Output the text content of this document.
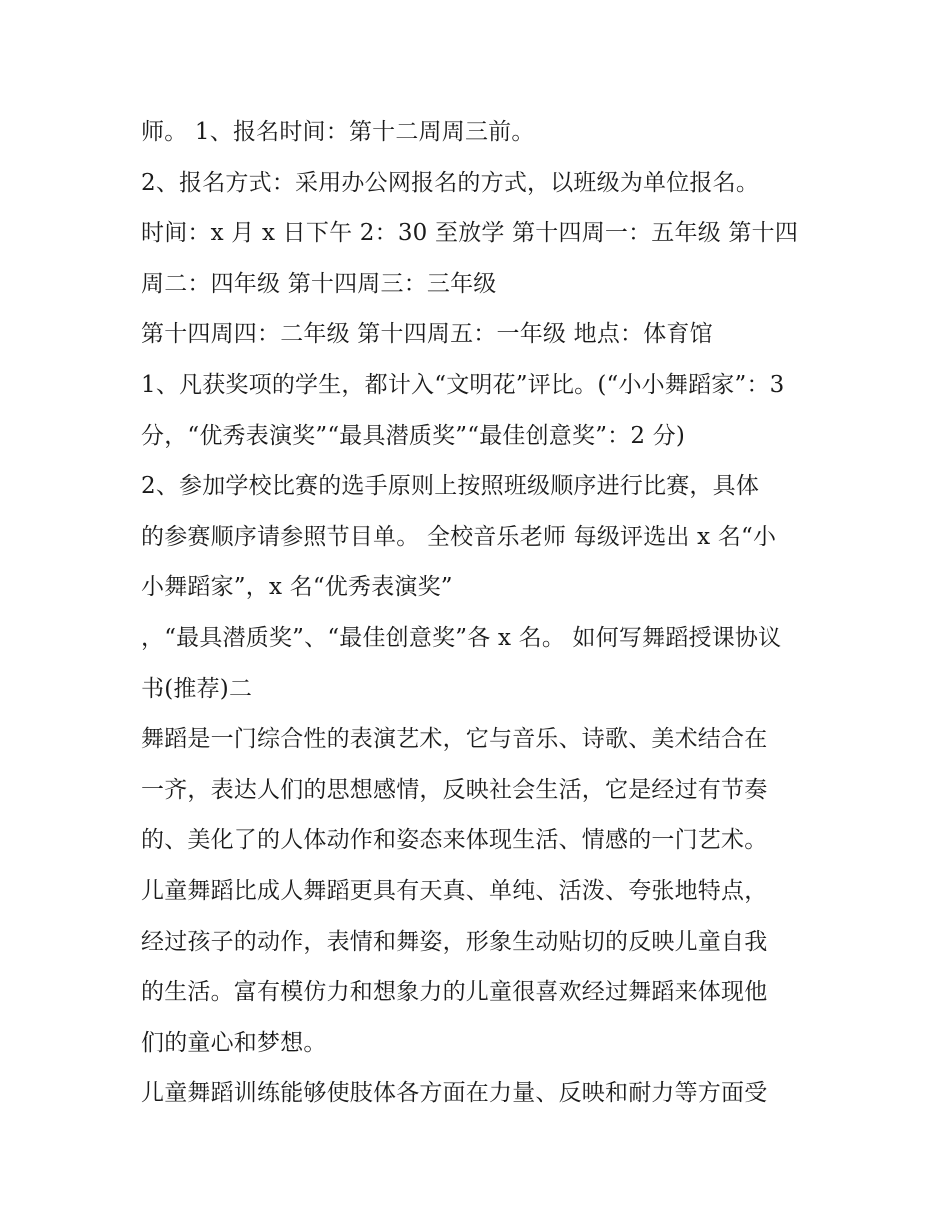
师。 1、报名时间：第十二周周三前。

2、报名方式：采用办公网报名的方式，以班级为单位报名。

时间：x 月 x 日下午 2：30 至放学 第十四周一：五年级 第十四

周二：四年级 第十四周三：三年级

第十四周四：二年级 第十四周五：一年级 地点：体育馆

1、凡获奖项的学生，都计入“文明花”评比。(“小小舞蹈家”：3

分，“优秀表演奖”“最具潜质奖”“最佳创意奖”：2 分)

2、参加学校比赛的选手原则上按照班级顺序进行比赛，具体

的参赛顺序请参照节目单。 全校音乐老师 每级评选出 x 名“小

小舞蹈家”，x 名“优秀表演奖”

，“最具潜质奖”、“最佳创意奖”各 x 名。 如何写舞蹈授课协议

书(推荐)二

舞蹈是一门综合性的表演艺术，它与音乐、诗歌、美术结合在

一齐，表达人们的思想感情，反映社会生活，它是经过有节奏

的、美化了的人体动作和姿态来体现生活、情感的一门艺术。

儿童舞蹈比成人舞蹈更具有天真、单纯、活泼、夸张地特点，

经过孩子的动作，表情和舞姿，形象生动贴切的反映儿童自我

的生活。富有模仿力和想象力的儿童很喜欢经过舞蹈来体现他

们的童心和梦想。

儿童舞蹈训练能够使肢体各方面在力量、反映和耐力等方面受
